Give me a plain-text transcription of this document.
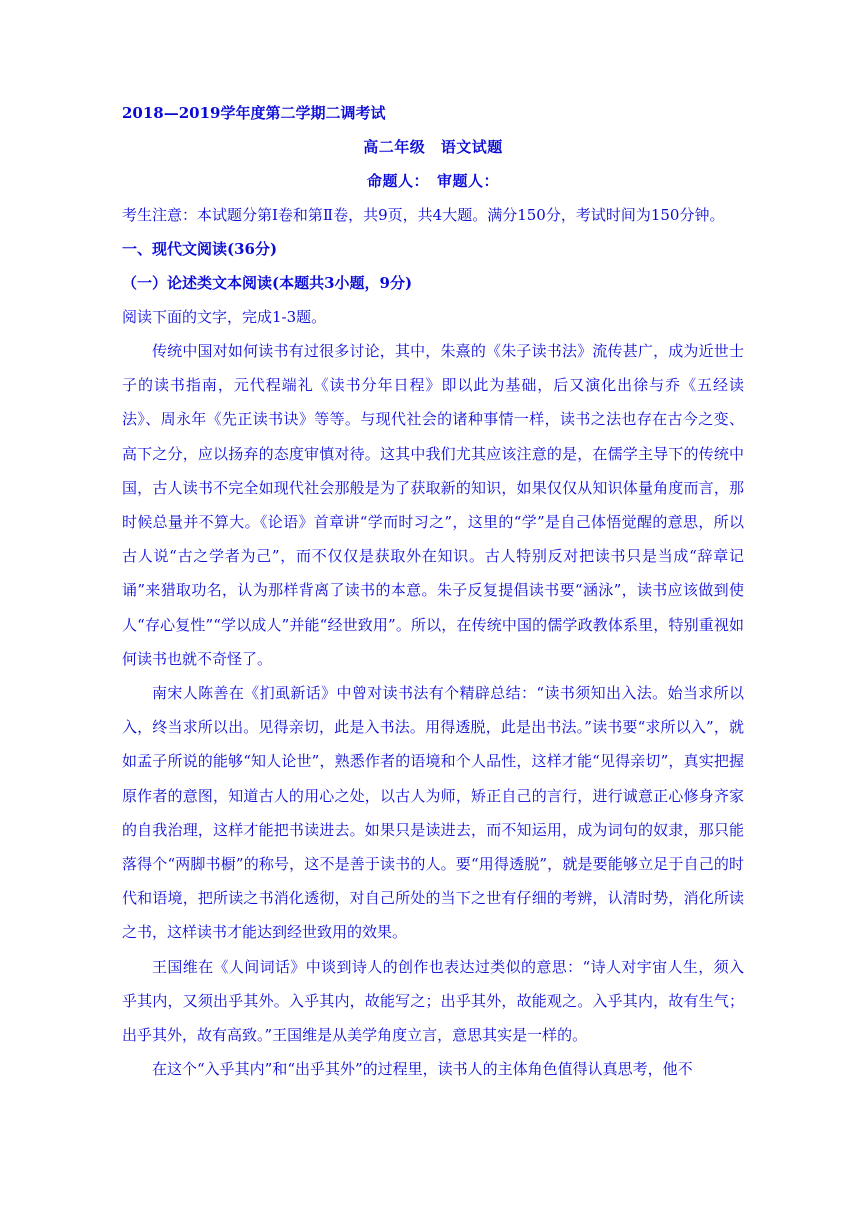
2018—2019学年度第二学期二调考试
高二年级　语文试题
命题人：　审题人：

考生注意：本试题分第Ⅰ卷和第Ⅱ卷，共9页，共4大题。满分150分，考试时间为150分钟。

一、现代文阅读(36分)
（一）论述类文本阅读(本题共3小题，9分)
阅读下面的文字，完成1-3题。

传统中国对如何读书有过很多讨论，其中，朱熹的《朱子读书法》流传甚广，成为近世士子的读书指南，元代程端礼《读书分年日程》即以此为基础，后又演化出徐与乔《五经读法》、周永年《先正读书诀》等等。与现代社会的诸种事情一样，读书之法也存在古今之变、高下之分，应以扬弃的态度审慎对待。这其中我们尤其应该注意的是，在儒学主导下的传统中国，古人读书不完全如现代社会那般是为了获取新的知识，如果仅仅从知识体量角度而言，那时候总量并不算大。《论语》首章讲“学而时习之”，这里的“学”是自己体悟觉醒的意思，所以古人说“古之学者为己”，而不仅仅是获取外在知识。古人特别反对把读书只是当成“辞章记诵”来猎取功名，认为那样背离了读书的本意。朱子反复提倡读书要“涵泳”，读书应该做到使人“存心复性”“学以成人”并能“经世致用”。所以，在传统中国的儒学政教体系里，特别重视如何读书也就不奇怪了。

南宋人陈善在《扪虱新话》中曾对读书法有个精辟总结：“读书须知出入法。始当求所以入，终当求所以出。见得亲切，此是入书法。用得透脱，此是出书法。”读书要“求所以入”，就如孟子所说的能够“知人论世”，熟悉作者的语境和个人品性，这样才能“见得亲切”，真实把握原作者的意图，知道古人的用心之处，以古人为师，矫正自己的言行，进行诚意正心修身齐家的自我治理，这样才能把书读进去。如果只是读进去，而不知运用，成为词句的奴隶，那只能落得个“两脚书橱”的称号，这不是善于读书的人。要“用得透脱”，就是要能够立足于自己的时代和语境，把所读之书消化透彻，对自己所处的当下之世有仔细的考辨，认清时势，消化所读之书，这样读书才能达到经世致用的效果。

王国维在《人间词话》中谈到诗人的创作也表达过类似的意思：“诗人对宇宙人生，须入乎其内，又须出乎其外。入乎其内，故能写之；出乎其外，故能观之。入乎其内，故有生气；出乎其外，故有高致。”王国维是从美学角度立言，意思其实是一样的。

在这个“入乎其内”和“出乎其外”的过程里，读书人的主体角色值得认真思考，他不
